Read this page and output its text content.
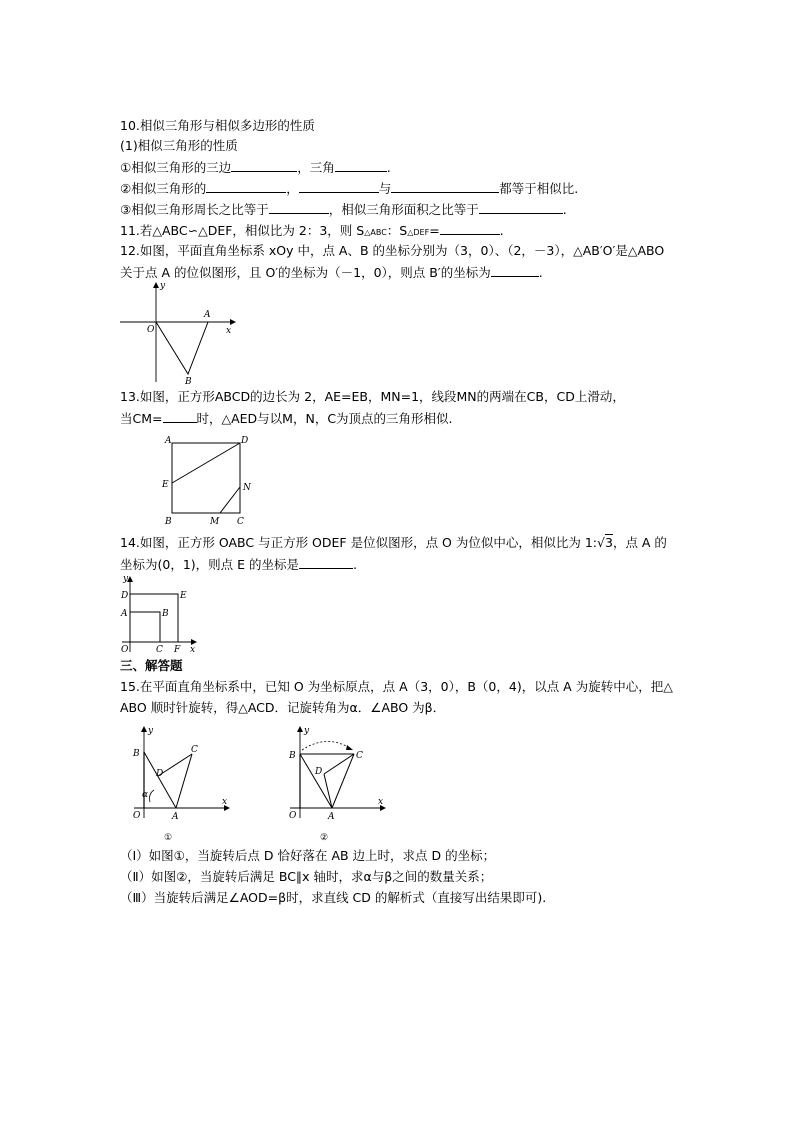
10.相似三角形与相似多边形的性质
(1)相似三角形的性质
①相似三角形的三边	，三角	.
②相似三角形的	，	与	都等于相似比.
③相似三角形周长之比等于	，相似三角形面积之比等于	.
11.若△ABC∽△DEF，相似比为 2：3，则 S△ABC：S△DEF=	.
12.如图，平面直角坐标系 xOy 中，点 A、B 的坐标分别为（3，0）、（2，－3），△AB′O′是△ABO
关于点 A 的位似图形，且 O′的坐标为（－1，0），则点 B′的坐标为	.
y
x
O
A
B
13.如图，正方形ABCD的边长为 2，AE=EB，MN=1，线段MN的两端在CB，CD上滑动，
当CM=	时，△AED与以M，N，C为顶点的三角形相似.
A	D
E	N
B	M C
14.如图，正方形 OABC 与正方形 ODEF 是位似图形，点 O 为位似中心，相似比为 1:√3，点 A 的
坐标为(0，1)，则点 E 的坐标是	.
y
x
D	E
A	B
O	C F
三、解答题
15.在平面直角坐标系中，已知 O 为坐标原点，点 A（3，0），B（0，4)，以点 A 为旋转中心，把△
ABO 顺时针旋转，得△ACD．记旋转角为α．∠ABO 为β．
y
x
B	C
D
α
O	A
①
y
x
B	C
D
O	A
②
（Ⅰ）如图①，当旋转后点 D 恰好落在 AB 边上时，求点 D 的坐标；
（Ⅱ）如图②，当旋转后满足 BC∥x 轴时，求α与β之间的数量关系；
（Ⅲ）当旋转后满足∠AOD=β时，求直线 CD 的解析式（直接写出结果即可).
